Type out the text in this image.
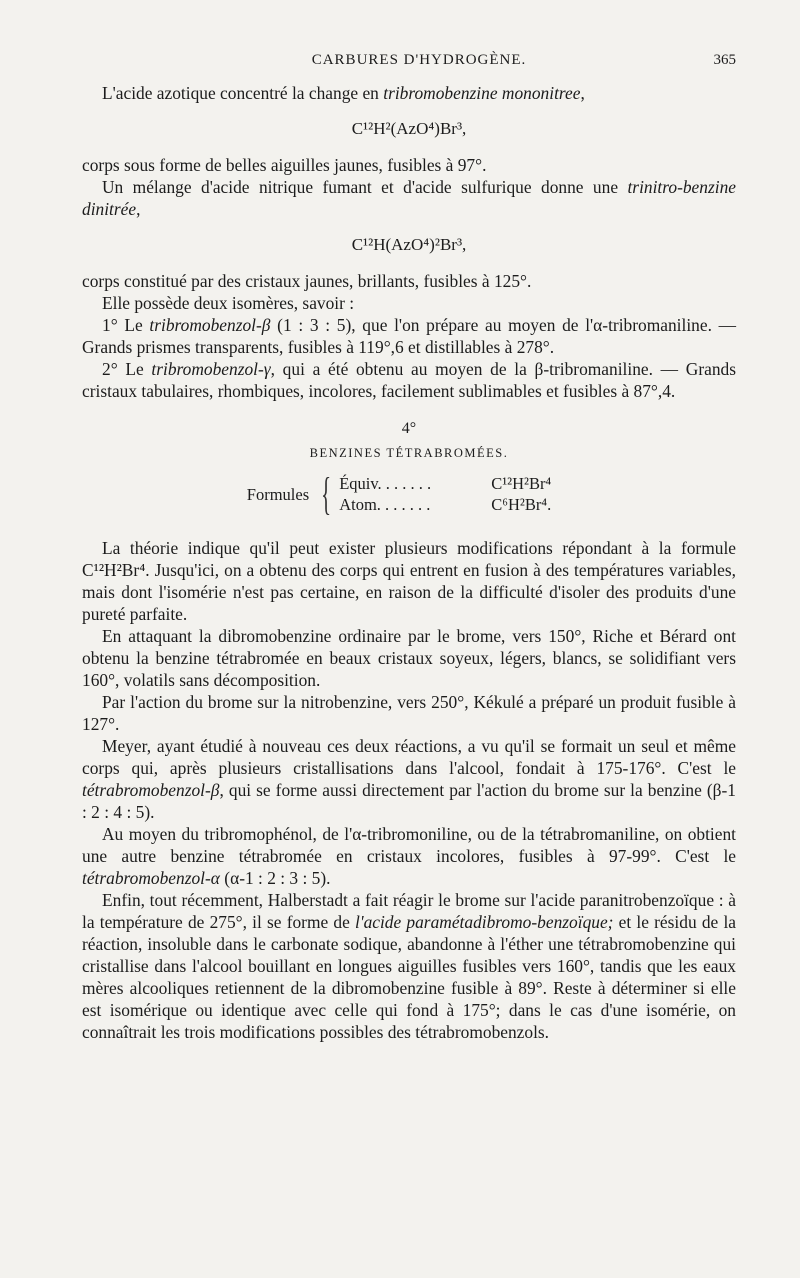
CARBURES D'HYDROGÈNE.	365

L'acide azotique concentré la change en tribromobenzine mononitree,

C¹²H²(AzO⁴)Br³,

corps sous forme de belles aiguilles jaunes, fusibles à 97°.

Un mélange d'acide nitrique fumant et d'acide sulfurique donne une trinitro-benzine dinitrée,

C¹²H(AzO⁴)²Br³,

corps constitué par des cristaux jaunes, brillants, fusibles à 125°.

Elle possède deux isomères, savoir :

1° Le tribromobenzol-β (1 : 3 : 5), que l'on prépare au moyen de l'α-tribromaniline. — Grands prismes transparents, fusibles à 119°,6 et distillables à 278°.

2° Le tribromobenzol-γ, qui a été obtenu au moyen de la β-tribromaniline. — Grands cristaux tabulaires, rhombiques, incolores, facilement sublimables et fusibles à 87°,4.

4°
BENZINES TÉTRABROMÉES.
Formules { Équiv. . . . . . .	C¹²H²Br⁴
Atom. . . . . . .	C⁶H²Br⁴.

La théorie indique qu'il peut exister plusieurs modifications répondant à la formule C¹²H²Br⁴. Jusqu'ici, on a obtenu des corps qui entrent en fusion à des températures variables, mais dont l'isomérie n'est pas certaine, en raison de la difficulté d'isoler des produits d'une pureté parfaite.

En attaquant la dibromobenzine ordinaire par le brome, vers 150°, Riche et Bérard ont obtenu la benzine tétrabromée en beaux cristaux soyeux, légers, blancs, se solidifiant vers 160°, volatils sans décomposition.

Par l'action du brome sur la nitrobenzine, vers 250°, Kékulé a préparé un produit fusible à 127°.

Meyer, ayant étudié à nouveau ces deux réactions, a vu qu'il se formait un seul et même corps qui, après plusieurs cristallisations dans l'alcool, fondait à 175-176°. C'est le tétrabromobenzol-β, qui se forme aussi directement par l'action du brome sur la benzine (β-1 : 2 : 4 : 5).

Au moyen du tribromophénol, de l'α-tribromoniline, ou de la tétrabromaniline, on obtient une autre benzine tétrabromée en cristaux incolores, fusibles à 97-99°. C'est le tétrabromobenzol-α (α-1 : 2 : 3 : 5).

Enfin, tout récemment, Halberstadt a fait réagir le brome sur l'acide paranitrobenzoïque : à la température de 275°, il se forme de l'acide paramétadibromo-benzoïque; et le résidu de la réaction, insoluble dans le carbonate sodique, abandonne à l'éther une tétrabromobenzine qui cristallise dans l'alcool bouillant en longues aiguilles fusibles vers 160°, tandis que les eaux mères alcooliques retiennent de la dibromobenzine fusible à 89°. Reste à déterminer si elle est isomérique ou identique avec celle qui fond à 175°; dans le cas d'une isomérie, on connaîtrait les trois modifications possibles des tétrabromobenzols.
